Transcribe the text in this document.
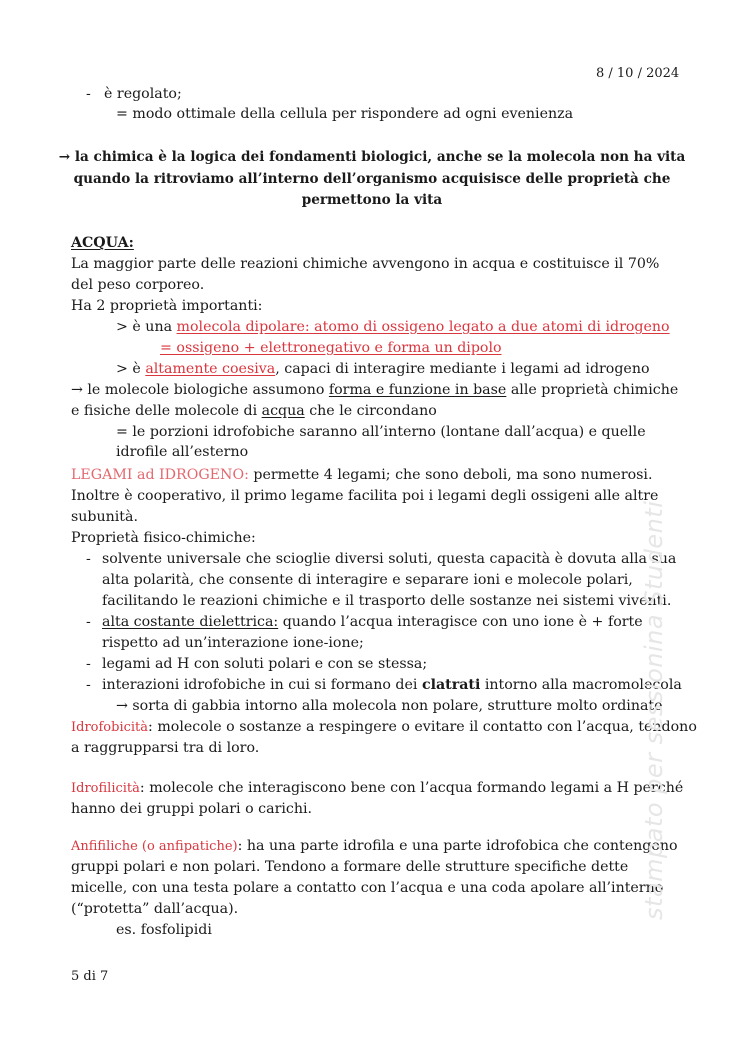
8 / 10 / 2024
- è regolato;
= modo ottimale della cellula per rispondere ad ogni evenienza
→ la chimica è la logica dei fondamenti biologici, anche se la molecola non ha vita
quando la ritroviamo all’interno dell’organismo acquisisce delle proprietà che
permettono la vita
ACQUA:
La maggior parte delle reazioni chimiche avvengono in acqua e costituisce il 70%
del peso corporeo.
Ha 2 proprietà importanti:
> è una molecola dipolare: atomo di ossigeno legato a due atomi di idrogeno
= ossigeno + elettronegativo e forma un dipolo
> è altamente coesiva, capaci di interagire mediante i legami ad idrogeno
→ le molecole biologiche assumono forma e funzione in base alle proprietà chimiche
e fisiche delle molecole di acqua che le circondano
= le porzioni idrofobiche saranno all’interno (lontane dall’acqua) e quelle
idrofile all’esterno
LEGAMI ad IDROGENO: permette 4 legami; che sono deboli, ma sono numerosi.
Inoltre è cooperativo, il primo legame facilita poi i legami degli ossigeni alle altre
subunità.
Proprietà fisico-chimiche:
- solvente universale che scioglie diversi soluti, questa capacità è dovuta alla sua
alta polarità, che consente di interagire e separare ioni e molecole polari,
facilitando le reazioni chimiche e il trasporto delle sostanze nei sistemi viventi.
- alta costante dielettrica: quando l’acqua interagisce con uno ione è + forte
rispetto ad un’interazione ione-ione;
- legami ad H con soluti polari e con se stessa;
- interazioni idrofobiche in cui si formano dei clatrati intorno alla macromolecola
→ sorta di gabbia intorno alla molecola non polare, strutture molto ordinate
Idrofobicità: molecole o sostanze a respingere o evitare il contatto con l’acqua, tendono
a raggrupparsi tra di loro.
Idrofilicità: molecole che interagiscono bene con l’acqua formando legami a H perché
hanno dei gruppi polari o carichi.
Anfifiliche (o anfipatiche): ha una parte idrofila e una parte idrofobica che contengono
gruppi polari e non polari. Tendono a formare delle strutture specifiche dette
micelle, con una testa polare a contatto con l’acqua e una coda apolare all’interno
(“protetta” dall’acqua).
es. fosfolipidi
5 di 7
stampato per sessionina Studenti
